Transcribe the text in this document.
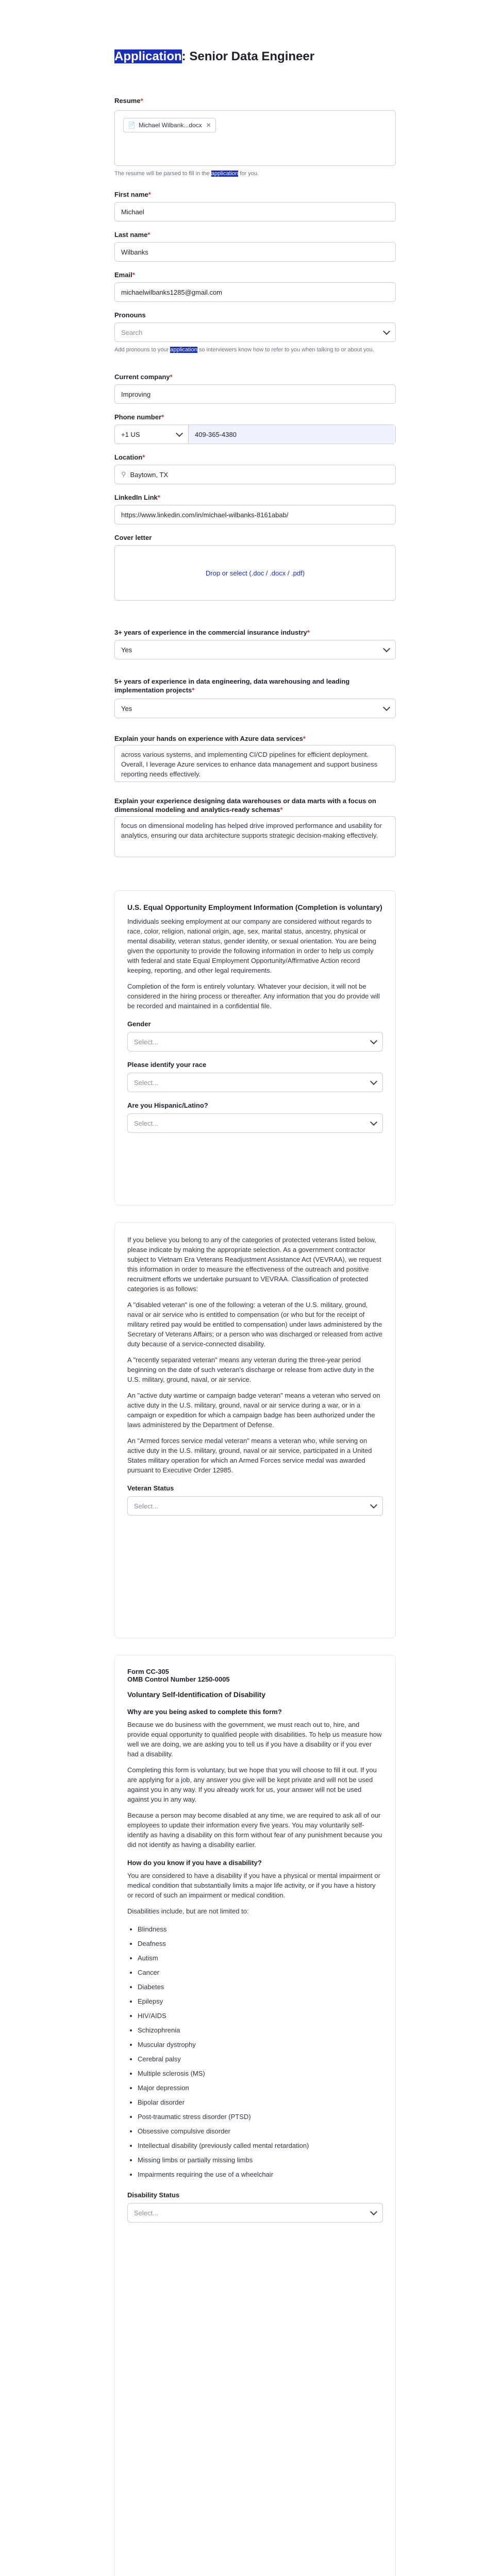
Application: Senior Data Engineer
Resume*
📄 Michael Wilbank...docx ✕
The resume will be parsed to fill in the application for you.
First name*
Michael
Last name*
Wilbanks
Email*
michaelwilbanks1285@gmail.com
Pronouns
Search
Add pronouns to your application so interviewers know how to refer to you when talking to or about you.
Current company*
Improving
Phone number*
+1 US	409-365-4380
Location*
⚲ Baytown, TX
LinkedIn Link*
https://www.linkedin.com/in/michael-wilbanks-8161abab/
Cover letter
Drop or select (.doc / .docx / .pdf)
3+ years of experience in the commercial insurance industry*
Yes
5+ years of experience in data engineering, data warehousing and leading implementation projects*
Yes
Explain your hands on experience with Azure data services*
across various systems, and implementing CI/CD pipelines for efficient deployment. Overall, I leverage Azure services to enhance data management and support business reporting needs effectively.
Explain your experience designing data warehouses or data marts with a focus on dimensional modeling and analytics-ready schemas*
focus on dimensional modeling has helped drive improved performance and usability for analytics, ensuring our data architecture supports strategic decision-making effectively.
U.S. Equal Opportunity Employment Information (Completion is voluntary)

Individuals seeking employment at our company are considered without regards to race, color, religion, national origin, age, sex, marital status, ancestry, physical or mental disability, veteran status, gender identity, or sexual orientation. You are being given the opportunity to provide the following information in order to help us comply with federal and state Equal Employment Opportunity/Affirmative Action record keeping, reporting, and other legal requirements.

Completion of the form is entirely voluntary. Whatever your decision, it will not be considered in the hiring process or thereafter. Any information that you do provide will be recorded and maintained in a confidential file.

Gender
Select...
Please identify your race
Select...
Are you Hispanic/Latino?
Select...

If you believe you belong to any of the categories of protected veterans listed below, please indicate by making the appropriate selection. As a government contractor subject to Vietnam Era Veterans Readjustment Assistance Act (VEVRAA), we request this information in order to measure the effectiveness of the outreach and positive recruitment efforts we undertake pursuant to VEVRAA. Classification of protected categories is as follows:

A "disabled veteran" is one of the following: a veteran of the U.S. military, ground, naval or air service who is entitled to compensation (or who but for the receipt of military retired pay would be entitled to compensation) under laws administered by the Secretary of Veterans Affairs; or a person who was discharged or released from active duty because of a service-connected disability.

A "recently separated veteran" means any veteran during the three-year period beginning on the date of such veteran's discharge or release from active duty in the U.S. military, ground, naval, or air service.

An "active duty wartime or campaign badge veteran" means a veteran who served on active duty in the U.S. military, ground, naval or air service during a war, or in a campaign or expedition for which a campaign badge has been authorized under the laws administered by the Department of Defense.

An "Armed forces service medal veteran" means a veteran who, while serving on active duty in the U.S. military, ground, naval or air service, participated in a United States military operation for which an Armed Forces service medal was awarded pursuant to Executive Order 12985.

Veteran Status
Select...
Form CC-305
OMB Control Number 1250-0005
Voluntary Self-Identification of Disability
Why are you being asked to complete this form?

Because we do business with the government, we must reach out to, hire, and provide equal opportunity to qualified people with disabilities. To help us measure how well we are doing, we are asking you to tell us if you have a disability or if you ever had a disability.

Completing this form is voluntary, but we hope that you will choose to fill it out. If you are applying for a job, any answer you give will be kept private and will not be used against you in any way. If you already work for us, your answer will not be used against you in any way.

Because a person may become disabled at any time, we are required to ask all of our employees to update their information every five years. You may voluntarily self-identify as having a disability on this form without fear of any punishment because you did not identify as having a disability earlier.

How do you know if you have a disability?

You are considered to have a disability if you have a physical or mental impairment or medical condition that substantially limits a major life activity, or if you have a history or record of such an impairment or medical condition.

Disabilities include, but are not limited to:

• Blindness
• Deafness
• Autism
• Cancer
• Diabetes
• Epilepsy
• HIV/AIDS
• Schizophrenia
• Muscular dystrophy
• Cerebral palsy
• Multiple sclerosis (MS)
• Major depression
• Bipolar disorder
• Post-traumatic stress disorder (PTSD)
• Obsessive compulsive disorder
• Intellectual disability (previously called mental retardation)
• Missing limbs or partially missing limbs
• Impairments requiring the use of a wheelchair
Disability Status
Select...
